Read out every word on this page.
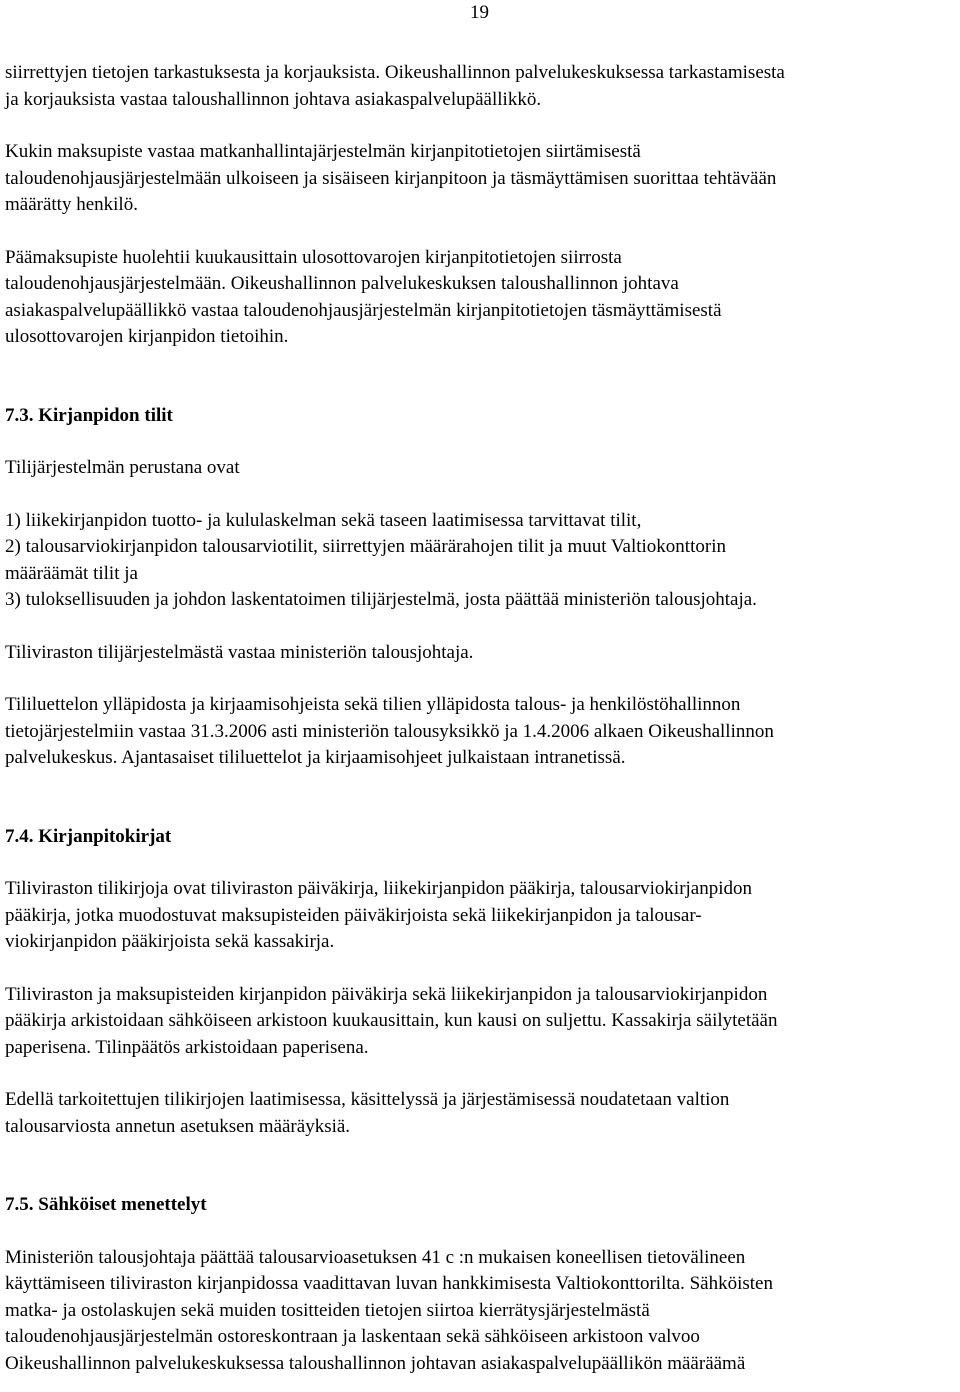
19

siirrettyjen tietojen tarkastuksesta ja korjauksista. Oikeushallinnon palvelukeskuksessa tarkastamisesta
ja korjauksista vastaa taloushallinnon johtava asiakaspalvelupäällikkö.

Kukin maksupiste vastaa matkanhallintajärjestelmän kirjanpitotietojen siirtämisestä
taloudenohjausjärjestelmään ulkoiseen ja sisäiseen kirjanpitoon ja täsmäyttämisen suorittaa tehtävään
määrätty henkilö.

Päämaksupiste huolehtii kuukausittain ulosottovarojen kirjanpitotietojen siirrosta
taloudenohjausjärjestelmään. Oikeushallinnon palvelukeskuksen taloushallinnon johtava
asiakaspalvelupäällikkö vastaa taloudenohjausjärjestelmän kirjanpitotietojen täsmäyttämisestä
ulosottovarojen kirjanpidon tietoihin.

7.3. Kirjanpidon tilit

Tilijärjestelmän perustana ovat

1) liikekirjanpidon tuotto- ja kululaskelman sekä taseen laatimisessa tarvittavat tilit,
2) talousarviokirjanpidon talousarviotilit, siirrettyjen määrärahojen tilit ja muut Valtiokonttorin
määräämät tilit ja
3) tuloksellisuuden ja johdon laskentatoimen tilijärjestelmä, josta päättää ministeriön talousjohtaja.

Tiliviraston tilijärjestelmästä vastaa ministeriön talousjohtaja.

Tililuettelon ylläpidosta ja kirjaamisohjeista sekä tilien ylläpidosta talous- ja henkilöstöhallinnon
tietojärjestelmiin vastaa 31.3.2006 asti ministeriön talousyksikkö ja 1.4.2006 alkaen Oikeushallinnon
palvelukeskus. Ajantasaiset tililuettelot ja kirjaamisohjeet julkaistaan intranetissä.

7.4. Kirjanpitokirjat

Tiliviraston tilikirjoja ovat tiliviraston päiväkirja, liikekirjanpidon pääkirja, talousarviokirjanpidon
pääkirja, jotka muodostuvat maksupisteiden päiväkirjoista sekä liikekirjanpidon ja talousar-
viokirjanpidon pääkirjoista sekä kassakirja.

Tiliviraston ja maksupisteiden kirjanpidon päiväkirja sekä liikekirjanpidon ja talousarviokirjanpidon
pääkirja arkistoidaan sähköiseen arkistoon kuukausittain, kun kausi on suljettu. Kassakirja säilytetään
paperisena. Tilinpäätös arkistoidaan paperisena.

Edellä tarkoitettujen tilikirjojen laatimisessa, käsittelyssä ja järjestämisessä noudatetaan valtion
talousarviosta annetun asetuksen määräyksiä.

7.5. Sähköiset menettelyt

Ministeriön talousjohtaja päättää talousarvioasetuksen 41 c :n mukaisen koneellisen tietovälineen
käyttämiseen tiliviraston kirjanpidossa vaadittavan luvan hankkimisesta Valtiokonttorilta. Sähköisten
matka- ja ostolaskujen sekä muiden tositteiden tietojen siirtoa kierrätysjärjestelmästä
taloudenohjausjärjestelmän ostoreskontraan ja laskentaan sekä sähköiseen arkistoon valvoo
Oikeushallinnon palvelukeskuksessa taloushallinnon johtavan asiakaspalvelupäällikön määräämä
